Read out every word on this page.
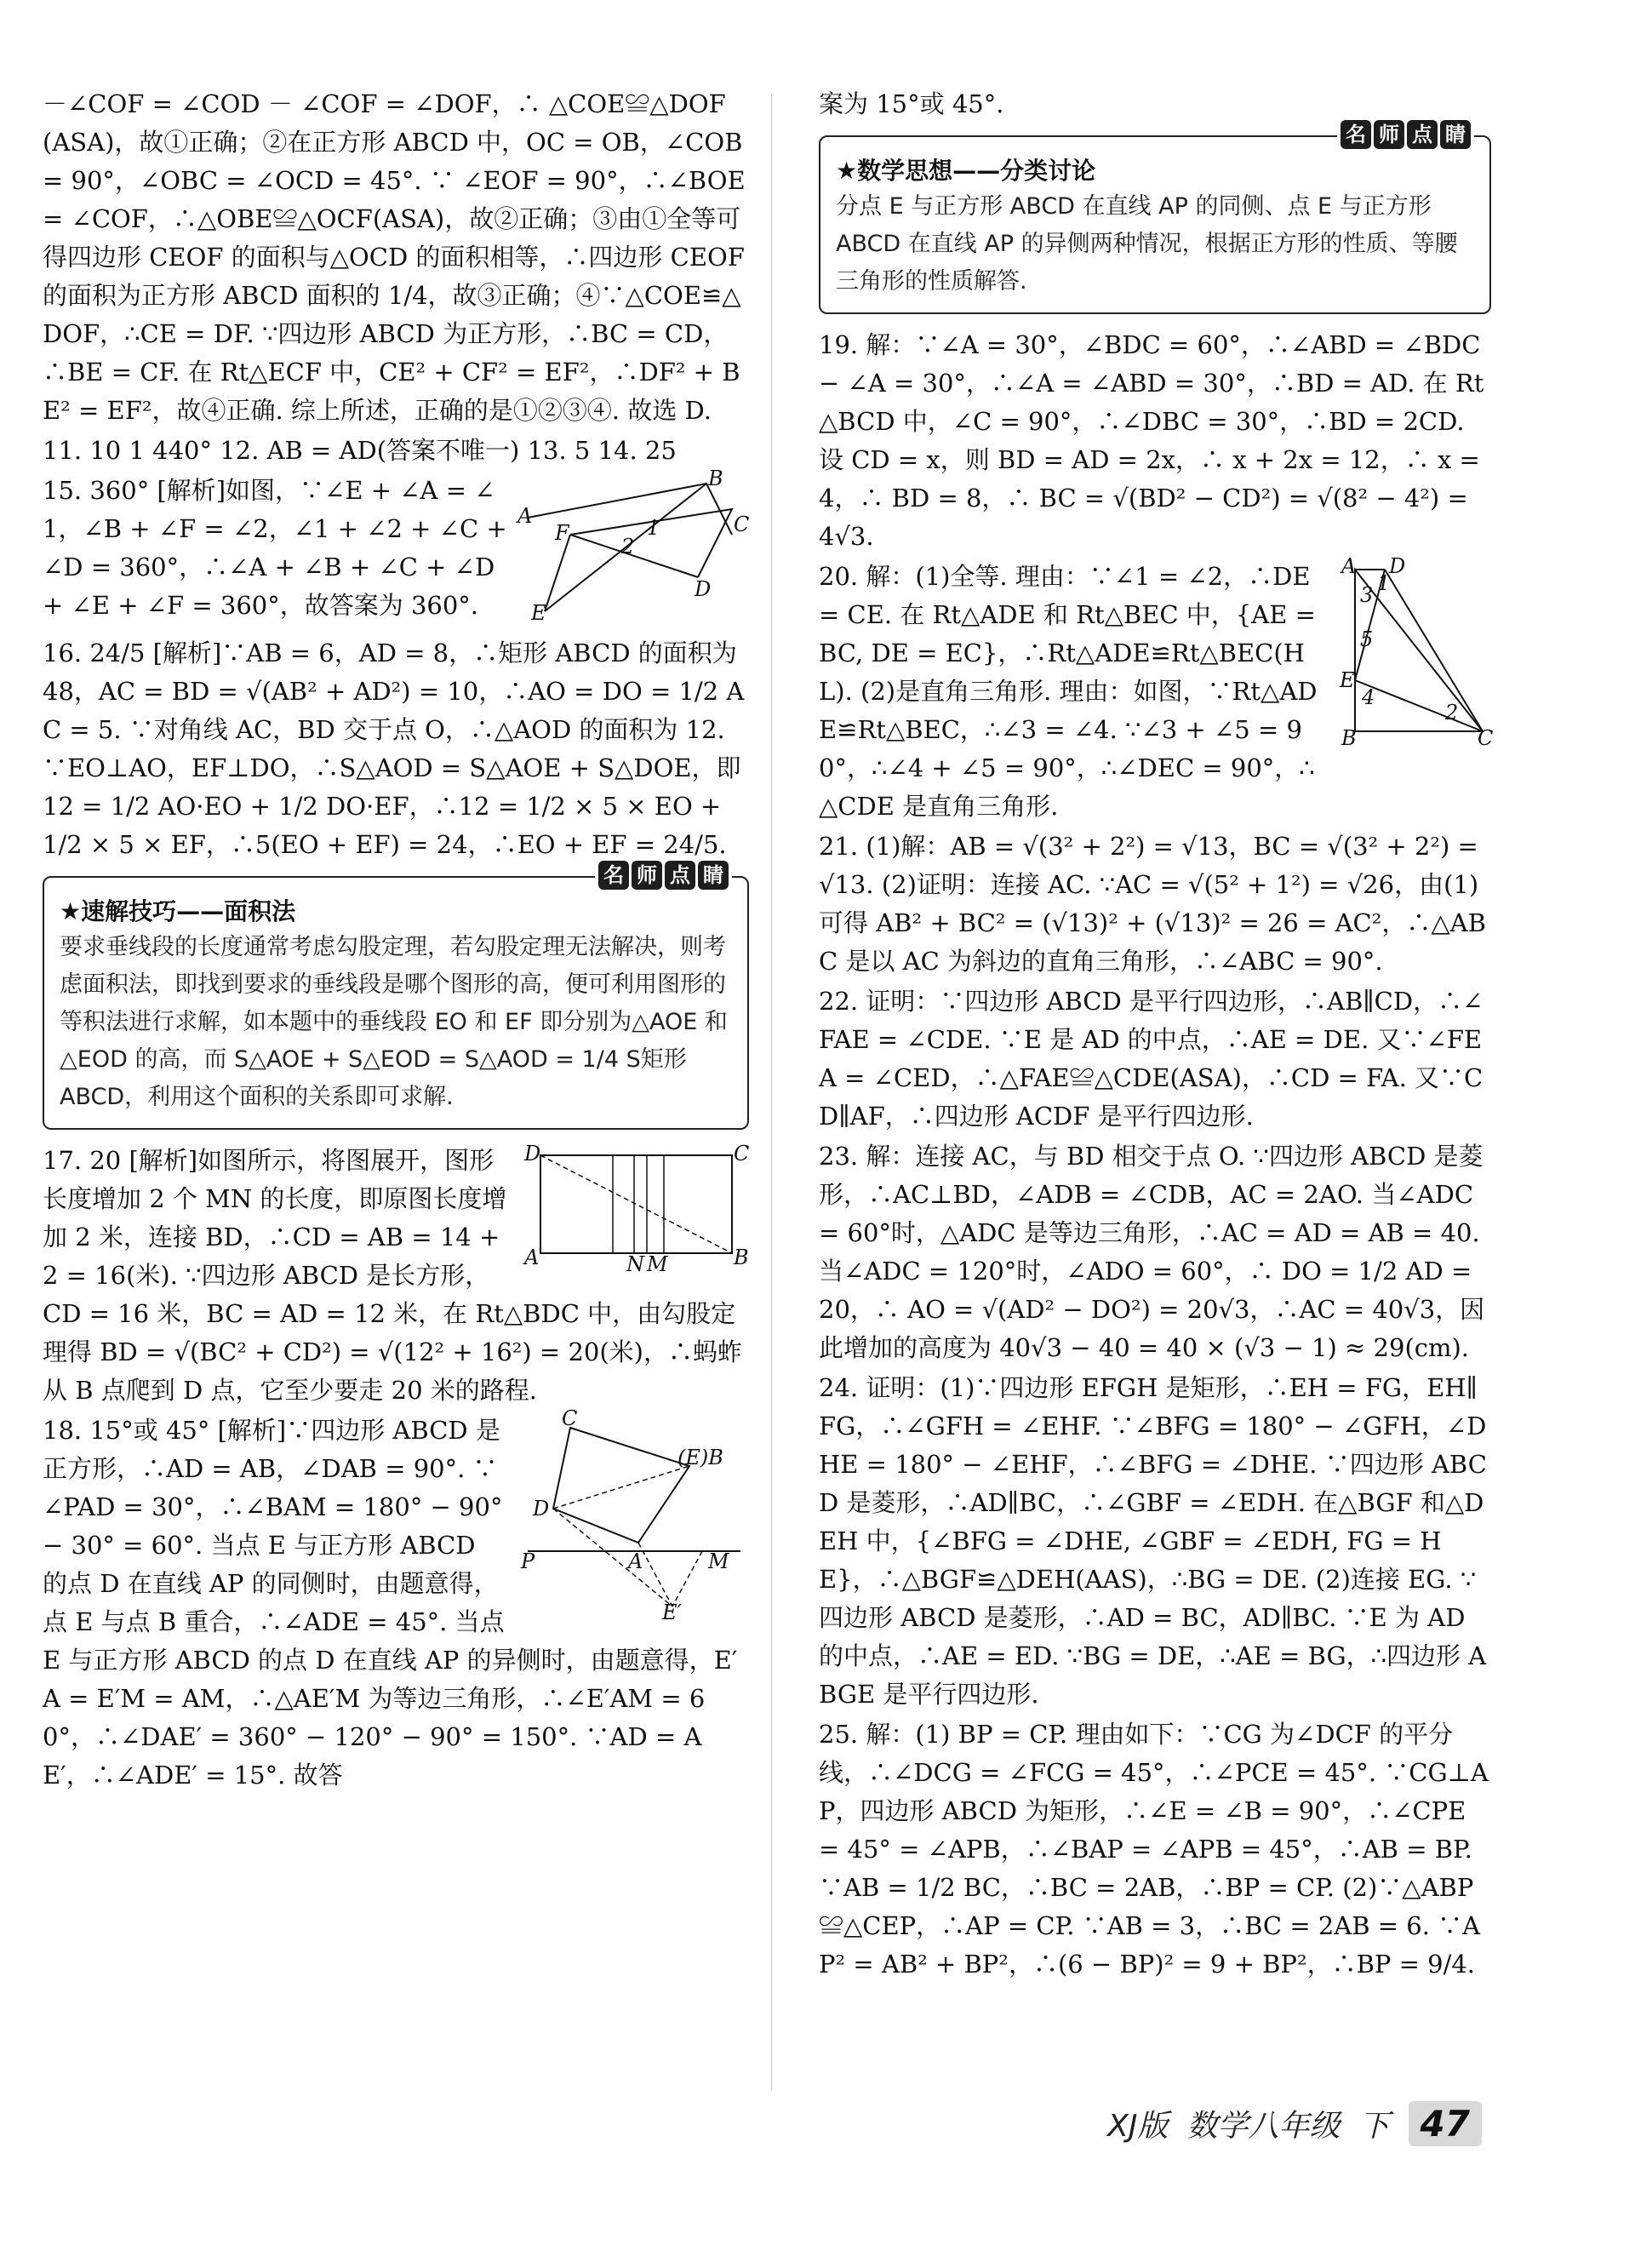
－∠COF = ∠COD － ∠COF = ∠DOF，∴ △COE≌△DOF(ASA)，故①正确；②在正方形 ABCD 中，OC = OB，∠COB = 90°，∠OBC = ∠OCD = 45°. ∵ ∠EOF = 90°，∴∠BOE = ∠COF，∴△OBE≌△OCF(ASA)，故②正确；③由①全等可得四边形 CEOF 的面积与△OCD 的面积相等，∴四边形 CEOF 的面积为正方形 ABCD 面积的 1/4，故③正确；④∵△COE≌△DOF，∴CE = DF. ∵四边形 ABCD 为正方形，∴BC = CD，∴BE = CF. 在 Rt△ECF 中，CE² + CF² = EF²，∴DF² + BE² = EF²，故④正确. 综上所述，正确的是①②③④. 故选 D.

11. 10 1 440° 12. AB = AD(答案不唯一) 13. 5 14. 25

A
B
C
D
E
F	1
2

15. 360° [解析]如图，∵∠E + ∠A = ∠1，∠B + ∠F = ∠2，∠1 + ∠2 + ∠C + ∠D = 360°，∴∠A + ∠B + ∠C + ∠D + ∠E + ∠F = 360°，故答案为 360°.

16. 24/5 [解析]∵AB = 6，AD = 8，∴矩形 ABCD 的面积为 48，AC = BD = √(AB² + AD²) = 10，∴AO = DO = 1/2 AC = 5. ∵对角线 AC，BD 交于点 O，∴△AOD 的面积为 12. ∵EO⊥AO，EF⊥DO，∴S△AOD = S△AOE + S△DOE，即 12 = 1/2 AO·EO + 1/2 DO·EF，∴12 = 1/2 × 5 × EO + 1/2 × 5 × EF，∴5(EO + EF) = 24，∴EO + EF = 24/5.

名 师 点 睛
★速解技巧——面积法
要求垂线段的长度通常考虑勾股定理，若勾股定理无法解决，则考虑面积法，即找到要求的垂线段是哪个图形的高，便可利用图形的等积法进行求解，如本题中的垂线段 EO 和 EF 即分别为△AOE 和△EOD 的高，而 S△AOE + S△EOD = S△AOD = 1/4 S矩形ABCD，利用这个面积的关系即可求解.
D	C
A	B
N M

17. 20 [解析]如图所示，将图展开，图形长度增加 2 个 MN 的长度，即原图长度增加 2 米，连接 BD，∴CD = AB = 14 + 2 = 16(米). ∵四边形 ABCD 是长方形，CD = 16 米，BC = AD = 12 米，在 Rt△BDC 中，由勾股定理得 BD = √(BC² + CD²) = √(12² + 16²) = 20(米)，∴蚂蚱从 B 点爬到 D 点，它至少要走 20 米的路程.

C
(E)B
D
P	A	M
E′

18. 15°或 45° [解析]∵四边形 ABCD 是正方形，∴AD = AB，∠DAB = 90°. ∵ ∠PAD = 30°，∴∠BAM = 180° − 90° − 30° = 60°. 当点 E 与正方形 ABCD 的点 D 在直线 AP 的同侧时，由题意得，点 E 与点 B 重合，∴∠ADE = 45°. 当点 E 与正方形 ABCD 的点 D 在直线 AP 的异侧时，由题意得，E′A = E′M = AM，∴△AE′M 为等边三角形，∴∠E′AM = 60°，∴∠DAE′ = 360° − 120° − 90° = 150°. ∵AD = AE′，∴∠ADE′ = 15°. 故答

案为 15°或 45°.

名 师 点 睛
★数学思想——分类讨论
分点 E 与正方形 ABCD 在直线 AP 的同侧、点 E 与正方形 ABCD 在直线 AP 的异侧两种情况，根据正方形的性质、等腰三角形的性质解答.

19. 解：∵∠A = 30°，∠BDC = 60°，∴∠ABD = ∠BDC − ∠A = 30°，∴∠A = ∠ABD = 30°，∴BD = AD. 在 Rt△BCD 中，∠C = 90°，∴∠DBC = 30°，∴BD = 2CD. 设 CD = x，则 BD = AD = 2x，∴ x + 2x = 12，∴ x = 4，∴ BD = 8，∴ BC = √(BD² − CD²) = √(8² − 4²) = 4√3.

A D
3
5
E
4
2
1
B	C

20. 解：(1)全等. 理由：∵∠1 = ∠2，∴DE = CE. 在 Rt△ADE 和 Rt△BEC 中，{AE = BC, DE = EC}，∴Rt△ADE≌Rt△BEC(HL). (2)是直角三角形. 理由：如图，∵Rt△ADE≌Rt△BEC，∴∠3 = ∠4. ∵∠3 + ∠5 = 90°，∴∠4 + ∠5 = 90°，∴∠DEC = 90°，∴△CDE 是直角三角形.

21. (1)解：AB = √(3² + 2²) = √13，BC = √(3² + 2²) = √13. (2)证明：连接 AC. ∵AC = √(5² + 1²) = √26，由(1)可得 AB² + BC² = (√13)² + (√13)² = 26 = AC²，∴△ABC 是以 AC 为斜边的直角三角形，∴∠ABC = 90°.

22. 证明：∵四边形 ABCD 是平行四边形，∴AB∥CD，∴∠FAE = ∠CDE. ∵E 是 AD 的中点，∴AE = DE. 又∵∠FEA = ∠CED，∴△FAE≌△CDE(ASA)，∴CD = FA. 又∵CD∥AF，∴四边形 ACDF 是平行四边形.

23. 解：连接 AC，与 BD 相交于点 O. ∵四边形 ABCD 是菱形，∴AC⊥BD，∠ADB = ∠CDB，AC = 2AO. 当∠ADC = 60°时，△ADC 是等边三角形，∴AC = AD = AB = 40. 当∠ADC = 120°时，∠ADO = 60°，∴ DO = 1/2 AD = 20，∴ AO = √(AD² − DO²) = 20√3，∴AC = 40√3，因此增加的高度为 40√3 − 40 = 40 × (√3 − 1) ≈ 29(cm).

24. 证明：(1)∵四边形 EFGH 是矩形，∴EH = FG，EH∥FG，∴∠GFH = ∠EHF. ∵∠BFG = 180° − ∠GFH，∠DHE = 180° − ∠EHF，∴∠BFG = ∠DHE. ∵四边形 ABCD 是菱形，∴AD∥BC，∴∠GBF = ∠EDH. 在△BGF 和△DEH 中，{∠BFG = ∠DHE, ∠GBF = ∠EDH, FG = HE}，∴△BGF≌△DEH(AAS)，∴BG = DE. (2)连接 EG. ∵四边形 ABCD 是菱形，∴AD = BC，AD∥BC. ∵E 为 AD 的中点，∴AE = ED. ∵BG = DE，∴AE = BG，∴四边形 ABGE 是平行四边形.

25. 解：(1) BP = CP. 理由如下：∵CG 为∠DCF 的平分线，∴∠DCG = ∠FCG = 45°，∴∠PCE = 45°. ∵CG⊥AP，四边形 ABCD 为矩形，∴∠E = ∠B = 90°，∴∠CPE = 45° = ∠APB，∴∠BAP = ∠APB = 45°，∴AB = BP. ∵AB = 1/2 BC，∴BC = 2AB，∴BP = CP. (2)∵△ABP≌△CEP，∴AP = CP. ∵AB = 3，∴BC = 2AB = 6. ∵AP² = AB² + BP²，∴(6 − BP)² = 9 + BP²，∴BP = 9/4.

XJ版 数学八年级 下 47
